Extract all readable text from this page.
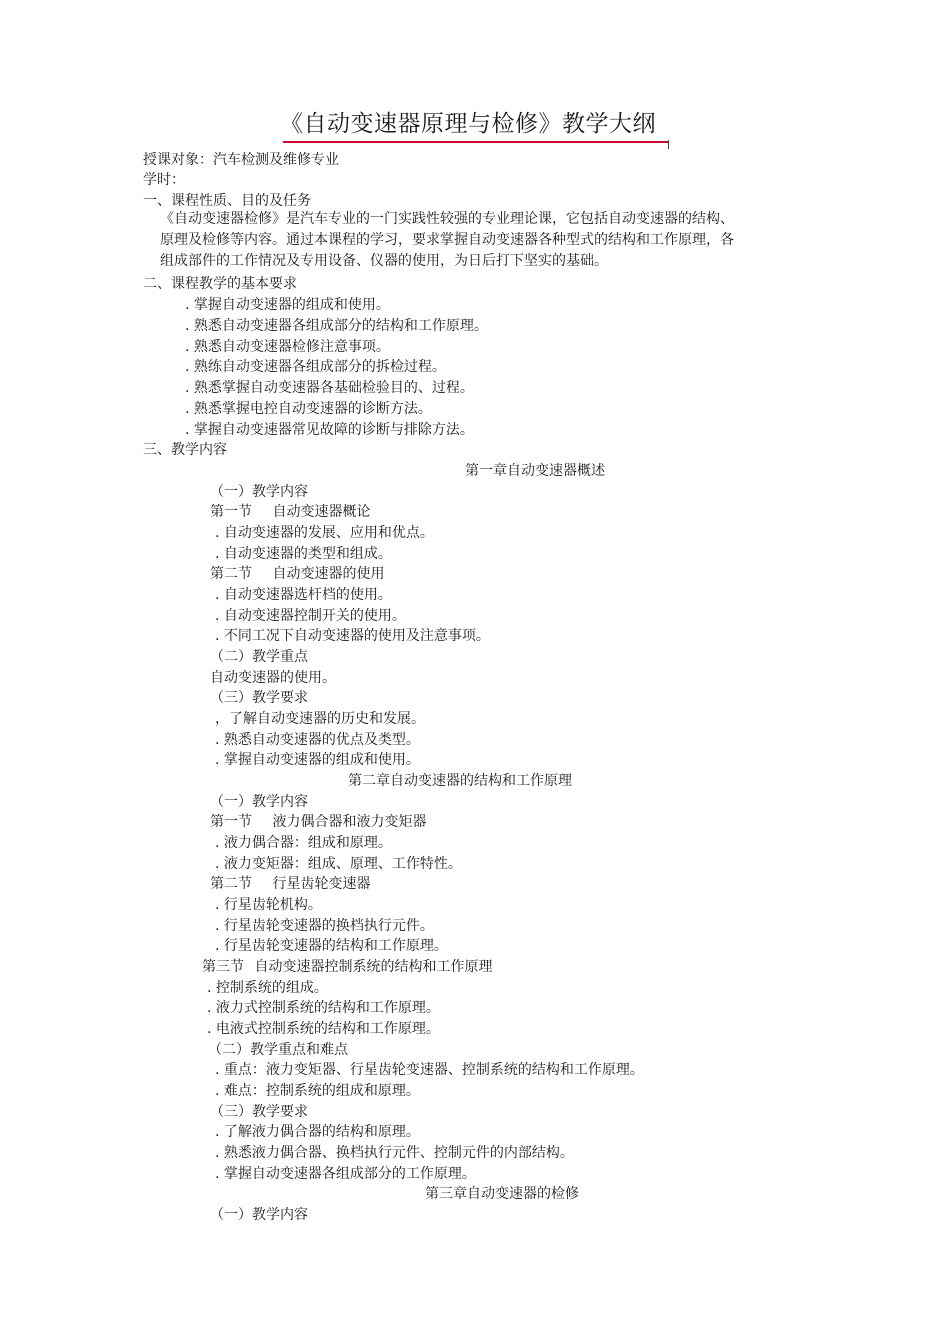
《自动变速器原理与检修》教学大纲
授课对象：汽车检测及维修专业
学时：
一、课程性质、目的及任务
《自动变速器检修》是汽车专业的一门实践性较强的专业理论课，它包括自动变速器的结构、
原理及检修等内容。通过本课程的学习，要求掌握自动变速器各种型式的结构和工作原理，各
组成部件的工作情况及专用设备、仪器的使用，为日后打下坚实的基础。
二、课程教学的基本要求
. 掌握自动变速器的组成和使用。
. 熟悉自动变速器各组成部分的结构和工作原理。
. 熟悉自动变速器检修注意事项。
. 熟练自动变速器各组成部分的拆检过程。
. 熟悉掌握自动变速器各基础检验目的、过程。
. 熟悉掌握电控自动变速器的诊断方法。
. 掌握自动变速器常见故障的诊断与排除方法。
三、教学内容
第一章自动变速器概述
（一）教学内容
第一节 自动变速器概论
. 自动变速器的发展、应用和优点。
. 自动变速器的类型和组成。
第二节 自动变速器的使用
. 自动变速器选杆档的使用。
. 自动变速器控制开关的使用。
. 不同工况下自动变速器的使用及注意事项。
（二）教学重点
自动变速器的使用。
（三）教学要求
，了解自动变速器的历史和发展。
. 熟悉自动变速器的优点及类型。
. 掌握自动变速器的组成和使用。
第二章自动变速器的结构和工作原理
（一）教学内容
第一节 液力偶合器和液力变矩器
. 液力偶合器：组成和原理。
. 液力变矩器：组成、原理、工作特性。
第二节 行星齿轮变速器
. 行星齿轮机构。
. 行星齿轮变速器的换档执行元件。
. 行星齿轮变速器的结构和工作原理。
第三节 自动变速器控制系统的结构和工作原理
. 控制系统的组成。
. 液力式控制系统的结构和工作原理。
. 电液式控制系统的结构和工作原理。
（二）教学重点和难点
. 重点：液力变矩器、行星齿轮变速器、控制系统的结构和工作原理。
. 难点：控制系统的组成和原理。
（三）教学要求
. 了解液力偶合器的结构和原理。
. 熟悉液力偶合器、换档执行元件、控制元件的内部结构。
. 掌握自动变速器各组成部分的工作原理。
第三章自动变速器的检修
（一）教学内容
